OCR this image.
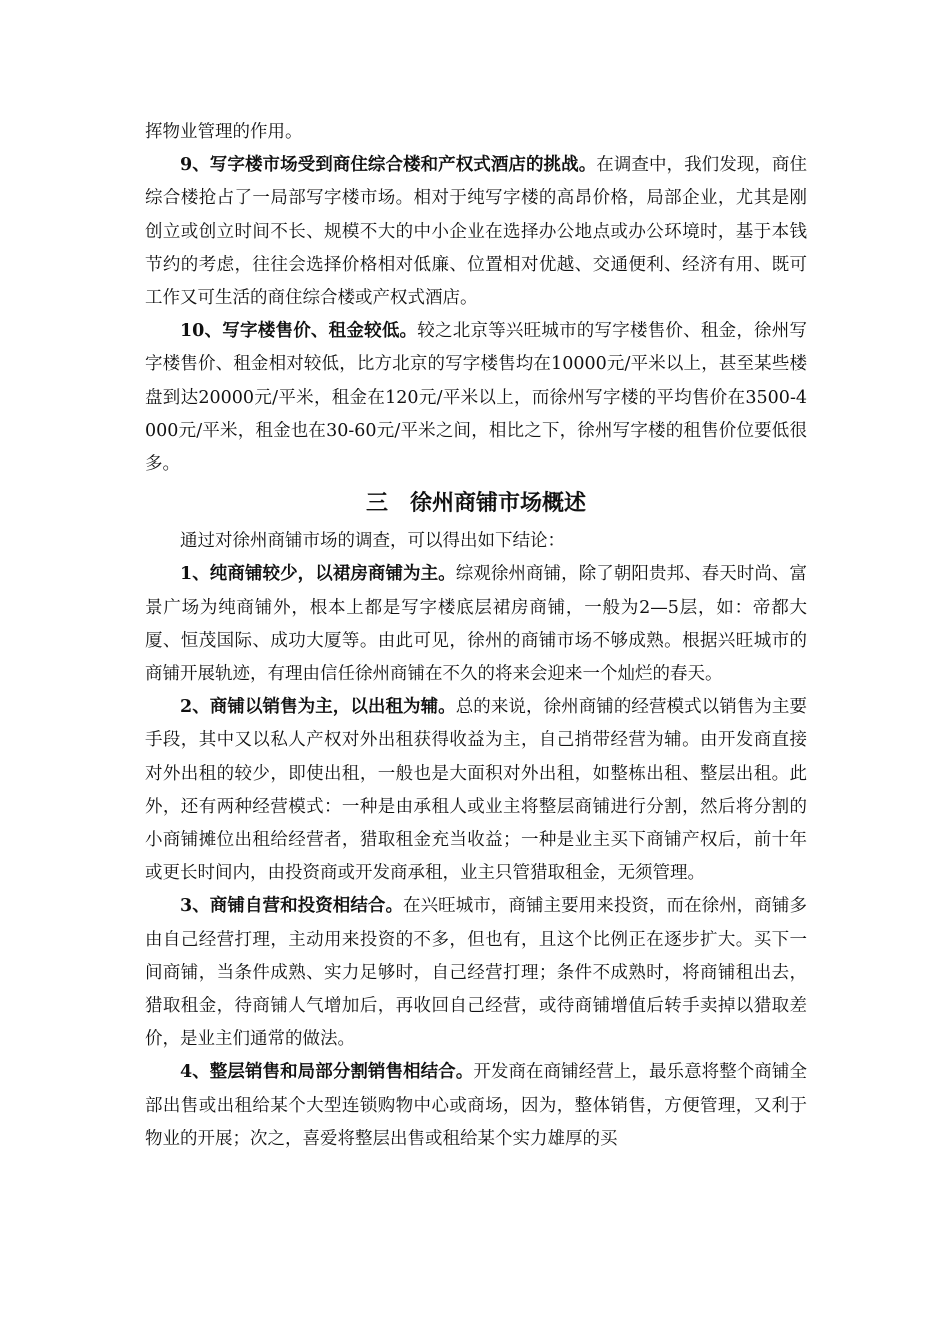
挥物业管理的作用。

9、写字楼市场受到商住综合楼和产权式酒店的挑战。在调查中，我们发现，商住综合楼抢占了一局部写字楼市场。相对于纯写字楼的高昂价格，局部企业，尤其是刚创立或创立时间不长、规模不大的中小企业在选择办公地点或办公环境时，基于本钱节约的考虑，往往会选择价格相对低廉、位置相对优越、交通便利、经济有用、既可工作又可生活的商住综合楼或产权式酒店。

10、写字楼售价、租金较低。较之北京等兴旺城市的写字楼售价、租金，徐州写字楼售价、租金相对较低，比方北京的写字楼售均在10000元/平米以上，甚至某些楼盘到达20000元/平米，租金在120元/平米以上，而徐州写字楼的平均售价在3500-4000元/平米，租金也在30-60元/平米之间，相比之下，徐州写字楼的租售价位要低很多。

三 徐州商铺市场概述

通过对徐州商铺市场的调查，可以得出如下结论：

1、纯商铺较少，以裙房商铺为主。综观徐州商铺，除了朝阳贵邦、春天时尚、富景广场为纯商铺外，根本上都是写字楼底层裙房商铺，一般为2—5层，如：帝都大厦、恒茂国际、成功大厦等。由此可见，徐州的商铺市场不够成熟。根据兴旺城市的商铺开展轨迹，有理由信任徐州商铺在不久的将来会迎来一个灿烂的春天。

2、商铺以销售为主，以出租为辅。总的来说，徐州商铺的经营模式以销售为主要手段，其中又以私人产权对外出租获得收益为主，自己捎带经营为辅。由开发商直接对外出租的较少，即使出租，一般也是大面积对外出租，如整栋出租、整层出租。此外，还有两种经营模式：一种是由承租人或业主将整层商铺进行分割，然后将分割的小商铺摊位出租给经营者，猎取租金充当收益；一种是业主买下商铺产权后，前十年或更长时间内，由投资商或开发商承租，业主只管猎取租金，无须管理。

3、商铺自营和投资相结合。在兴旺城市，商铺主要用来投资，而在徐州，商铺多由自己经营打理，主动用来投资的不多，但也有，且这个比例正在逐步扩大。买下一间商铺，当条件成熟、实力足够时，自己经营打理；条件不成熟时，将商铺租出去，猎取租金，待商铺人气增加后，再收回自己经营，或待商铺增值后转手卖掉以猎取差价，是业主们通常的做法。

4、整层销售和局部分割销售相结合。开发商在商铺经营上，最乐意将整个商铺全部出售或出租给某个大型连锁购物中心或商场，因为，整体销售，方便管理，又利于物业的开展；次之，喜爱将整层出售或租给某个实力雄厚的买
